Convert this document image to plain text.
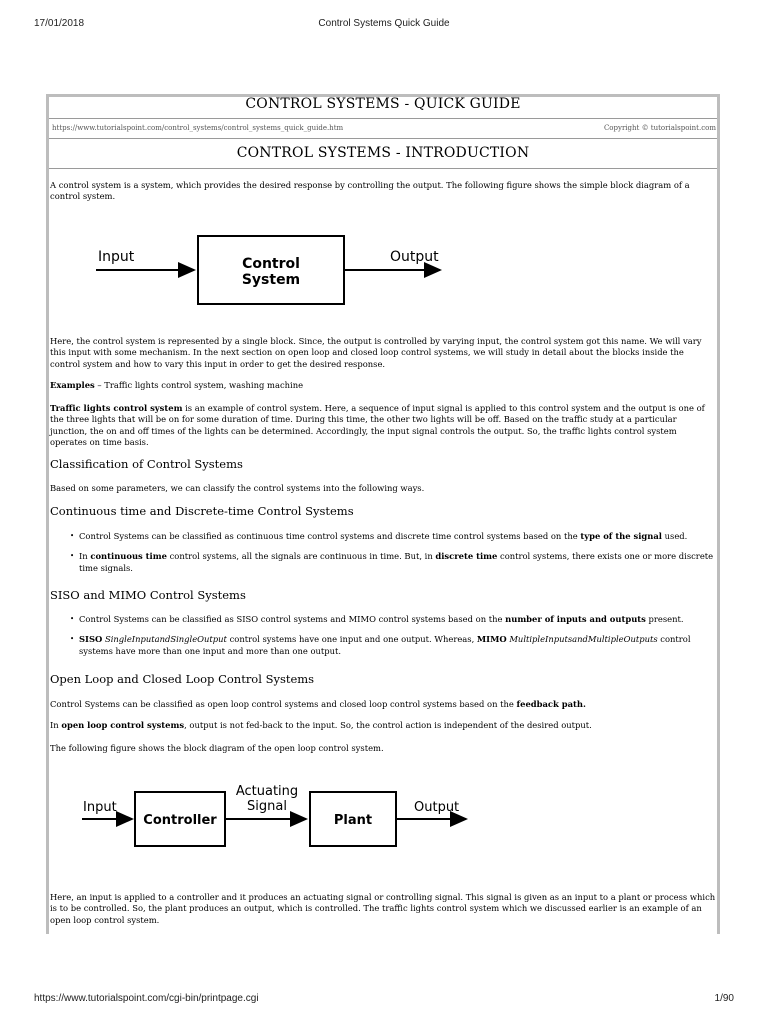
17/01/2018	Control Systems Quick Guide
CONTROL SYSTEMS - QUICK GUIDE
https://www.tutorialspoint.com/control_systems/control_systems_quick_guide.htm	Copyright © tutorialspoint.com
CONTROL SYSTEMS - INTRODUCTION

A control system is a system, which provides the desired response by controlling the output. The following figure shows the simple block diagram of a control system.

Input	Control
System
Output

Here, the control system is represented by a single block. Since, the output is controlled by varying input, the control system got this name. We will vary this input with some mechanism. In the next section on open loop and closed loop control systems, we will study in detail about the blocks inside the control system and how to vary this input in order to get the desired response.

Examples – Traffic lights control system, washing machine

Traffic lights control system is an example of control system. Here, a sequence of input signal is applied to this control system and the output is one of the three lights that will be on for some duration of time. During this time, the other two lights will be off. Based on the traffic study at a particular junction, the on and off times of the lights can be determined. Accordingly, the input signal controls the output. So, the traffic lights control system operates on time basis.

Classification of Control Systems

Based on some parameters, we can classify the control systems into the following ways.

Continuous time and Discrete-time Control Systems
• Control Systems can be classified as continuous time control systems and discrete time control systems based on the type of the signal used.
• In continuous time control systems, all the signals are continuous in time. But, in discrete time control systems, there exists one or more discrete time signals.
SISO and MIMO Control Systems
• Control Systems can be classified as SISO control systems and MIMO control systems based on the number of inputs and outputs present.
• SISO SingleInputandSingleOutput control systems have one input and one output. Whereas, MIMO MultipleInputsandMultipleOutputs control systems have more than one input and more than one output.
Open Loop and Closed Loop Control Systems

Control Systems can be classified as open loop control systems and closed loop control systems based on the feedback path.

In open loop control systems, output is not fed-back to the input. So, the control action is independent of the desired output.

The following figure shows the block diagram of the open loop control system.

Input
Controller
Actuating
Signal
Plant
Output

Here, an input is applied to a controller and it produces an actuating signal or controlling signal. This signal is given as an input to a plant or process which is to be controlled. So, the plant produces an output, which is controlled. The traffic lights control system which we discussed earlier is an example of an open loop control system.

https://www.tutorialspoint.com/cgi-bin/printpage.cgi	1/90
